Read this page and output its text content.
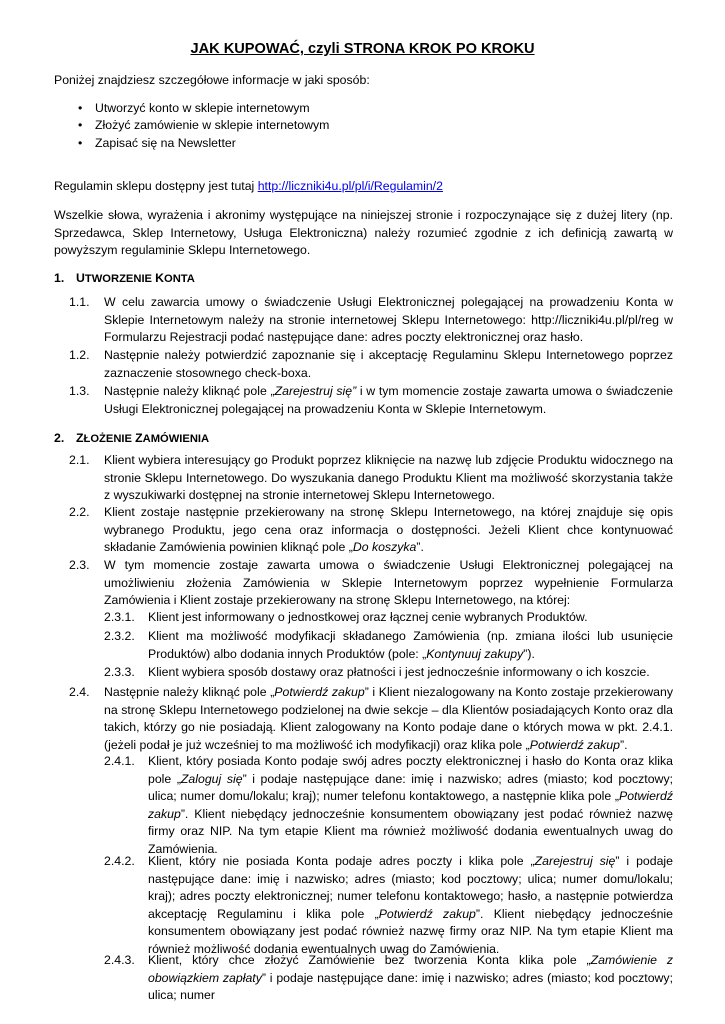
JAK KUPOWAĆ, czyli STRONA KROK PO KROKU
Poniżej znajdziesz szczegółowe informacje w jaki sposób:
• Utworzyć konto w sklepie internetowym
• Złożyć zamówienie w sklepie internetowym
• Zapisać się na Newsletter
Regulamin sklepu dostępny jest tutaj http://liczniki4u.pl/pl/i/Regulamin/2
Wszelkie słowa, wyrażenia i akronimy występujące na niniejszej stronie i rozpoczynające się z dużej litery (np. Sprzedawca, Sklep Internetowy, Usługa Elektroniczna) należy rozumieć zgodnie z ich definicją zawartą w powyższym regulaminie Sklepu Internetowego.
1. UTWORZENIE KONTA
1.1. W celu zawarcia umowy o świadczenie Usługi Elektronicznej polegającej na prowadzeniu Konta w Sklepie Internetowym należy na stronie internetowej Sklepu Internetowego: http://liczniki4u.pl/pl/reg w Formularzu Rejestracji podać następujące dane: adres poczty elektronicznej oraz hasło.
1.2. Następnie należy potwierdzić zapoznanie się i akceptację Regulaminu Sklepu Internetowego poprzez zaznaczenie stosownego check-boxa.
1.3. Następnie należy kliknąć pole „Zarejestruj się” i w tym momencie zostaje zawarta umowa o świadczenie Usługi Elektronicznej polegającej na prowadzeniu Konta w Sklepie Internetowym.
2. ZŁOŻENIE ZAMÓWIENIA
2.1. Klient wybiera interesujący go Produkt poprzez kliknięcie na nazwę lub zdjęcie Produktu widocznego na stronie Sklepu Internetowego. Do wyszukania danego Produktu Klient ma możliwość skorzystania także z wyszukiwarki dostępnej na stronie internetowej Sklepu Internetowego.
2.2. Klient zostaje następnie przekierowany na stronę Sklepu Internetowego, na której znajduje się opis wybranego Produktu, jego cena oraz informacja o dostępności. Jeżeli Klient chce kontynuować składanie Zamówienia powinien kliknąć pole „Do koszyka”.
2.3. W tym momencie zostaje zawarta umowa o świadczenie Usługi Elektronicznej polegającej na umożliwieniu złożenia Zamówienia w Sklepie Internetowym poprzez wypełnienie Formularza Zamówienia i Klient zostaje przekierowany na stronę Sklepu Internetowego, na której:
2.3.1. Klient jest informowany o jednostkowej oraz łącznej cenie wybranych Produktów.
2.3.2. Klient ma możliwość modyfikacji składanego Zamówienia (np. zmiana ilości lub usunięcie Produktów) albo dodania innych Produktów (pole: „Kontynuuj zakupy”).
2.3.3. Klient wybiera sposób dostawy oraz płatności i jest jednocześnie informowany o ich koszcie.
2.4. Następnie należy kliknąć pole „Potwierdź zakup” i Klient niezalogowany na Konto zostaje przekierowany na stronę Sklepu Internetowego podzielonej na dwie sekcje – dla Klientów posiadających Konto oraz dla takich, którzy go nie posiadają. Klient zalogowany na Konto podaje dane o których mowa w pkt. 2.4.1. (jeżeli podał je już wcześniej to ma możliwość ich modyfikacji) oraz klika pole „Potwierdź zakup”.
2.4.1. Klient, który posiada Konto podaje swój adres poczty elektronicznej i hasło do Konta oraz klika pole „Zaloguj się” i podaje następujące dane: imię i nazwisko; adres (miasto; kod pocztowy; ulica; numer domu/lokalu; kraj); numer telefonu kontaktowego, a następnie klika pole „Potwierdź zakup”. Klient niebędący jednocześnie konsumentem obowiązany jest podać również nazwę firmy oraz NIP. Na tym etapie Klient ma również możliwość dodania ewentualnych uwag do Zamówienia.
2.4.2. Klient, który nie posiada Konta podaje adres poczty i klika pole „Zarejestruj się” i podaje następujące dane: imię i nazwisko; adres (miasto; kod pocztowy; ulica; numer domu/lokalu; kraj); adres poczty elektronicznej; numer telefonu kontaktowego; hasło, a następnie potwierdza akceptację Regulaminu i klika pole „Potwierdź zakup”. Klient niebędący jednocześnie konsumentem obowiązany jest podać również nazwę firmy oraz NIP. Na tym etapie Klient ma również możliwość dodania ewentualnych uwag do Zamówienia.
2.4.3. Klient, który chce złożyć Zamówienie bez tworzenia Konta klika pole „Zamówienie z obowiązkiem zapłaty” i podaje następujące dane: imię i nazwisko; adres (miasto; kod pocztowy; ulica; numer
